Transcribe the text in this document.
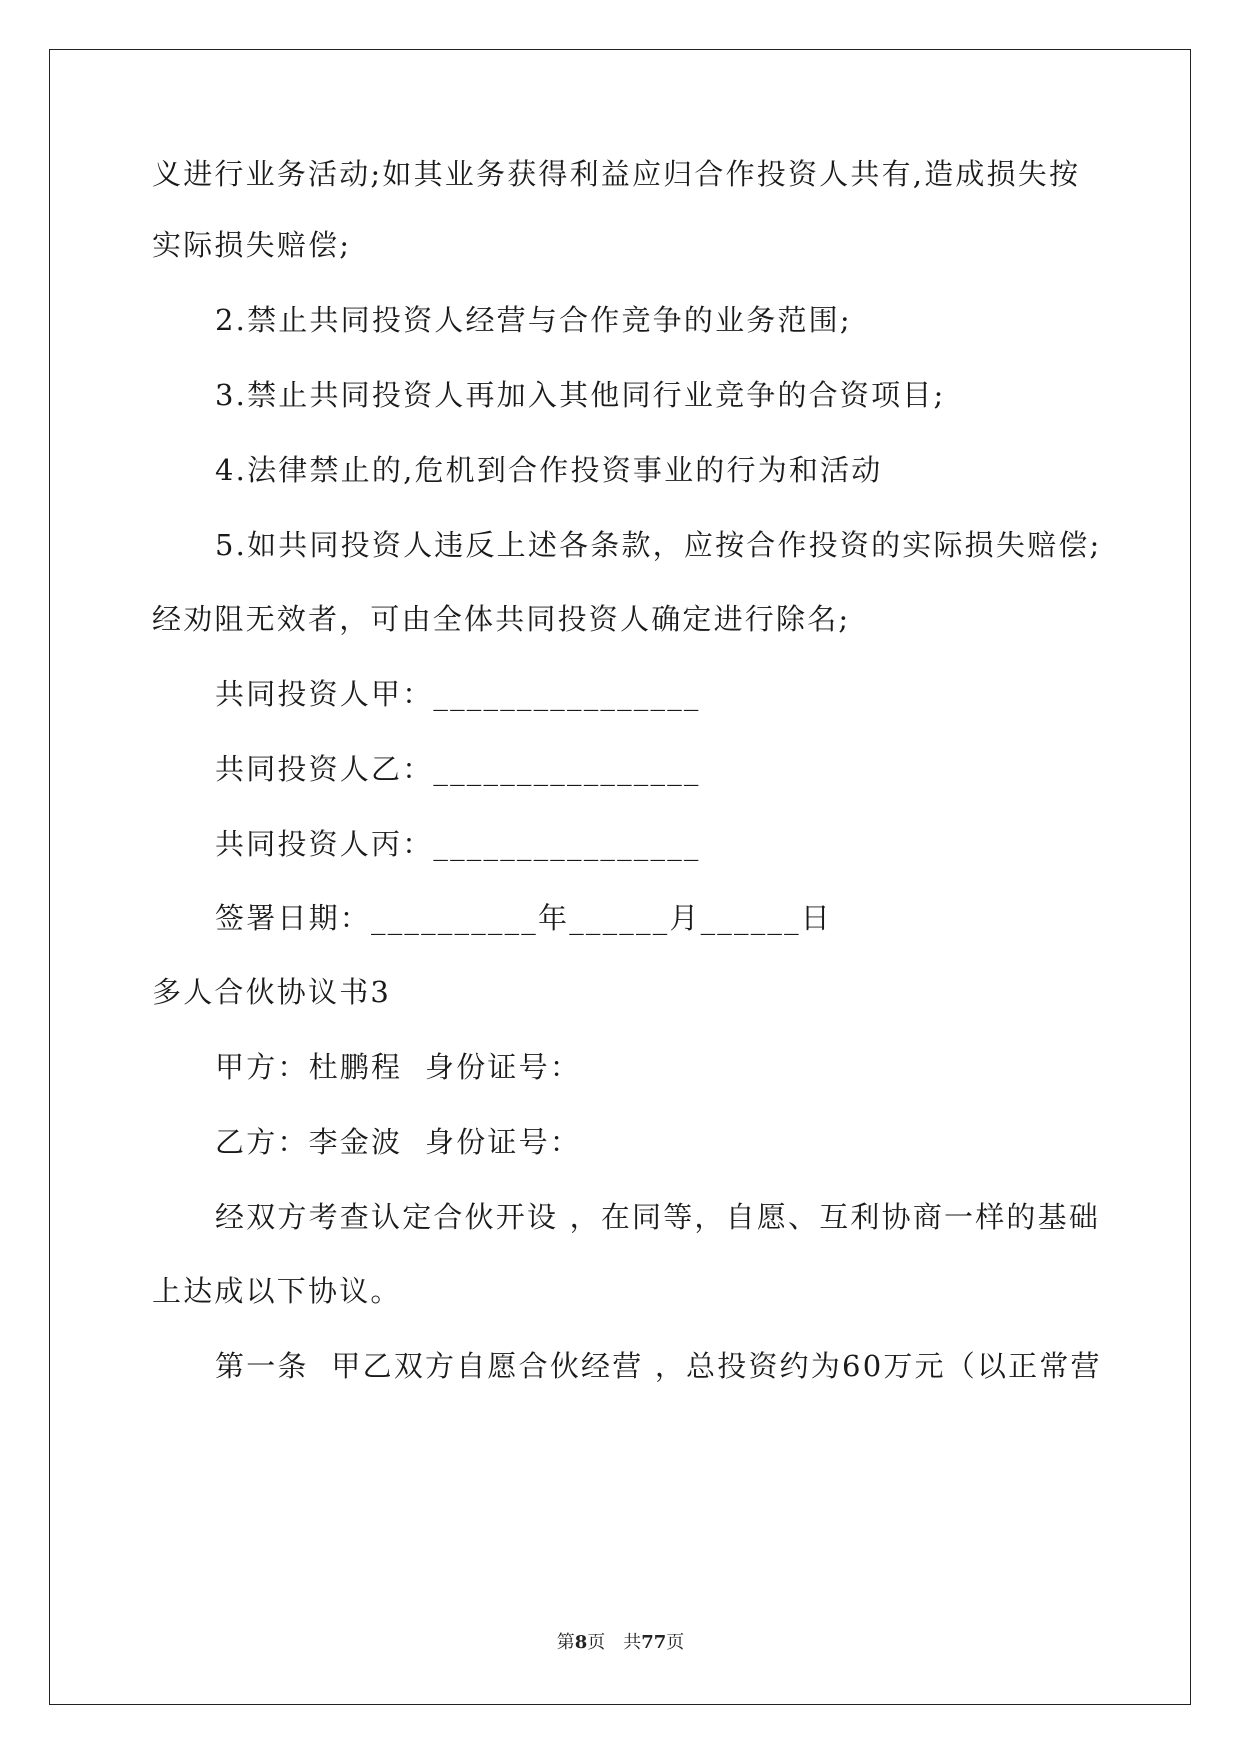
义进行业务活动;如其业务获得利益应归合作投资人共有,造成损失按
实际损失赔偿;
2.禁止共同投资人经营与合作竞争的业务范围;
3.禁止共同投资人再加入其他同行业竞争的合资项目;
4.法律禁止的,危机到合作投资事业的行为和活动
5.如共同投资人违反上述各条款，应按合作投资的实际损失赔偿;
经劝阻无效者，可由全体共同投资人确定进行除名;
共同投资人甲：________________
共同投资人乙：________________
共同投资人丙：________________
签署日期：__________年______月______日
多人合伙协议书3
甲方：杜鹏程  身份证号：
乙方：李金波  身份证号：
经双方考查认定合伙开设 ，在同等，自愿、互利协商一样的基础
上达成以下协议。
第一条  甲乙双方自愿合伙经营 ，总投资约为60万元（以正常营
第8页　共77页
